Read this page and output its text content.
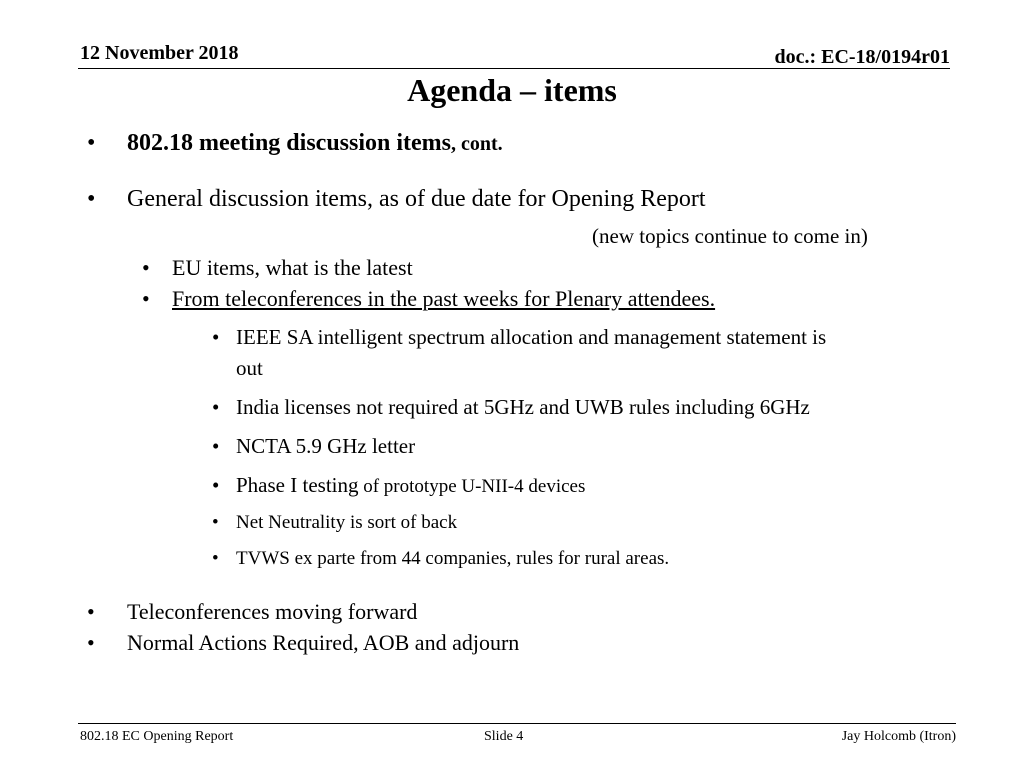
12 November 2018	doc.: EC-18/0194r01
Agenda – items
• 802.18 meeting discussion items, cont.
• General discussion items, as of due date for Opening Report
(new topics continue to come in)
• EU items, what is the latest
• From teleconferences in the past weeks for Plenary attendees.
• IEEE SA intelligent spectrum allocation and management statement is
out
• India licenses not required at 5GHz and UWB rules including 6GHz
• NCTA 5.9 GHz letter
• Phase I testing of prototype U-NII-4 devices
• Net Neutrality is sort of back
• TVWS ex parte from 44 companies, rules for rural areas.
• Teleconferences moving forward
• Normal Actions Required, AOB and adjourn
802.18 EC Opening Report	Slide 4	Jay Holcomb (Itron)
